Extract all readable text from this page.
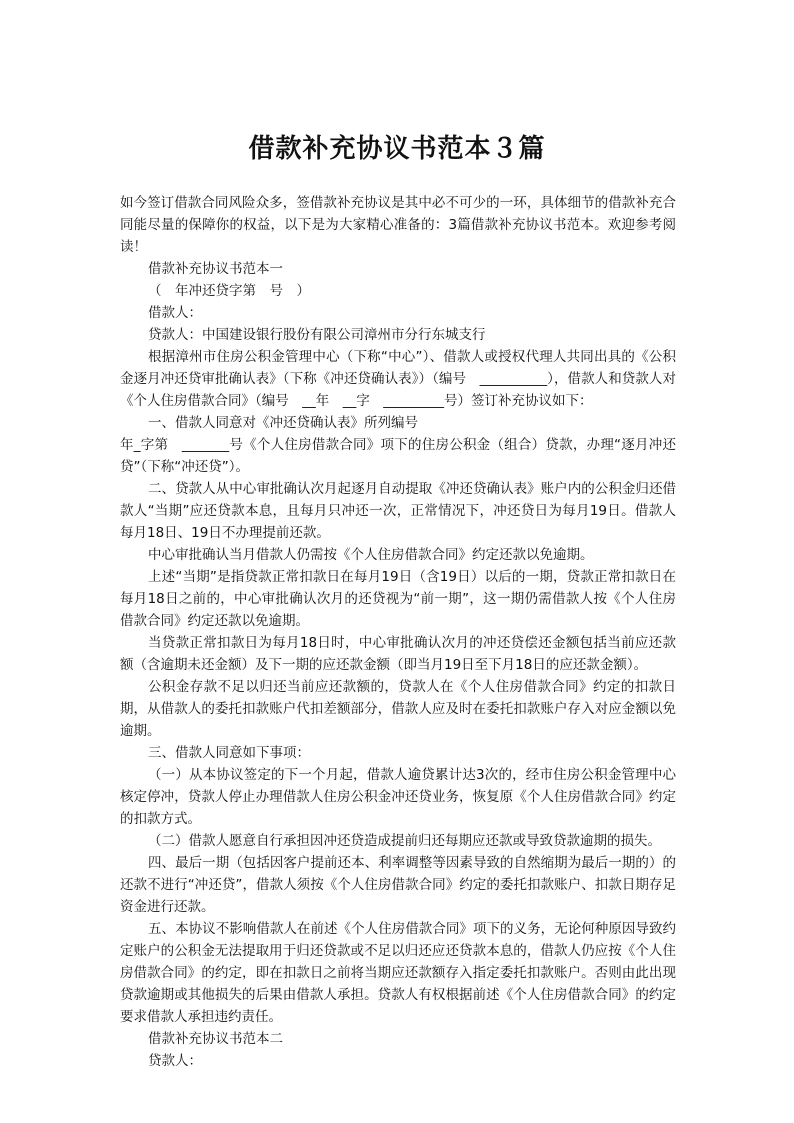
借款补充协议书范本３篇

如今签订借款合同风险众多，签借款补充协议是其中必不可少的一环，具体细节的借款补充合同能尽量的保障你的权益，以下是为大家精心准备的：3篇借款补充协议书范本。欢迎参考阅读！

借款补充协议书范本一

（　年冲还贷字第　号　）

借款人：

贷款人：中国建设银行股份有限公司漳州市分行东城支行

根据漳州市住房公积金管理中心（下称“中心”）、借款人或授权代理人共同出具的《公积金逐月冲还贷审批确认表》（下称《冲还贷确认表》）（编号　__________），借款人和贷款人对《个人住房借款合同》（编号　__年　__字　_________号）签订补充协议如下：

一、借款人同意对《冲还贷确认表》所列编号

年_字第　_______号《个人住房借款合同》项下的住房公积金（组合）贷款，办理“逐月冲还贷”（下称“冲还贷”）。

二、贷款人从中心审批确认次月起逐月自动提取《冲还贷确认表》账户内的公积金归还借款人“当期”应还贷款本息，且每月只冲还一次，正常情况下，冲还贷日为每月19日。借款人每月18日、19日不办理提前还款。

中心审批确认当月借款人仍需按《个人住房借款合同》约定还款以免逾期。

上述“当期”是指贷款正常扣款日在每月19日（含19日）以后的一期，贷款正常扣款日在每月18日之前的，中心审批确认次月的还贷视为“前一期”，这一期仍需借款人按《个人住房借款合同》约定还款以免逾期。

当贷款正常扣款日为每月18日时，中心审批确认次月的冲还贷偿还金额包括当前应还款额（含逾期未还金额）及下一期的应还款金额（即当月19日至下月18日的应还款金额）。

公积金存款不足以归还当前应还款额的，贷款人在《个人住房借款合同》约定的扣款日期，从借款人的委托扣款账户代扣差额部分，借款人应及时在委托扣款账户存入对应金额以免逾期。

三、借款人同意如下事项：

（一）从本协议签定的下一个月起，借款人逾贷累计达3次的，经市住房公积金管理中心核定停冲，贷款人停止办理借款人住房公积金冲还贷业务，恢复原《个人住房借款合同》约定的扣款方式。

（二）借款人愿意自行承担因冲还贷造成提前归还每期应还款或导致贷款逾期的损失。

四、最后一期（包括因客户提前还本、利率调整等因素导致的自然缩期为最后一期的）的还款不进行“冲还贷”，借款人须按《个人住房借款合同》约定的委托扣款账户、扣款日期存足资金进行还款。

五、本协议不影响借款人在前述《个人住房借款合同》项下的义务，无论何种原因导致约定账户的公积金无法提取用于归还贷款或不足以归还应还贷款本息的，借款人仍应按《个人住房借款合同》的约定，即在扣款日之前将当期应还款额存入指定委托扣款账户。否则由此出现贷款逾期或其他损失的后果由借款人承担。贷款人有权根据前述《个人住房借款合同》的约定要求借款人承担违约责任。

借款补充协议书范本二

贷款人：
